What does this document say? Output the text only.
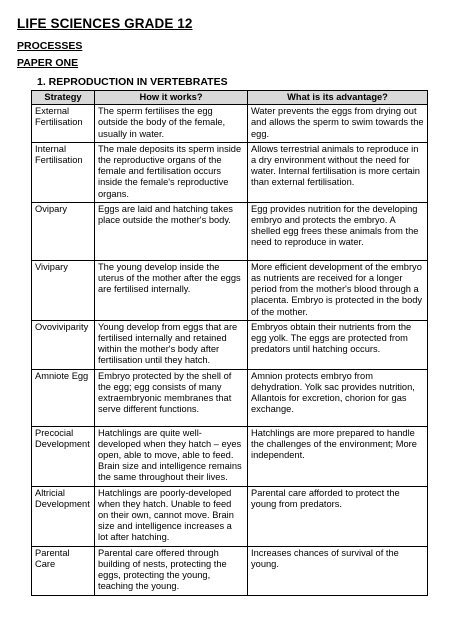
LIFE SCIENCES GRADE 12
PROCESSES
PAPER ONE
1. REPRODUCTION IN VERTEBRATES
Strategy	How it works?	What is its advantage?
External Fertilisation	The sperm fertilises the egg outside the body of the female, usually in water.	Water prevents the eggs from drying out and allows the sperm to swim towards the egg.
Internal Fertilisation	The male deposits its sperm inside the reproductive organs of the female and fertilisation occurs inside the female's reproductive organs.	Allows terrestrial animals to reproduce in a dry environment without the need for water. Internal fertilisation is more certain than external fertilisation.
Ovipary	Eggs are laid and hatching takes place outside the mother's body.	Egg provides nutrition for the developing embryo and protects the embryo. A shelled egg frees these animals from the need to reproduce in water.
Vivipary	The young develop inside the uterus of the mother after the eggs are fertilised internally.	More efficient development of the embryo as nutrients are received for a longer period from the mother's blood through a placenta. Embryo is protected in the body of the mother.
Ovoviviparity	Young develop from eggs that are fertilised internally and retained within the mother's body after fertilisation until they hatch.	Embryos obtain their nutrients from the egg yolk. The eggs are protected from predators until hatching occurs.
Amniote Egg	Embryo protected by the shell of the egg; egg consists of many extraembryonic membranes that serve different functions.	Amnion protects embryo from dehydration. Yolk sac provides nutrition, Allantois for excretion, chorion for gas exchange.
Precocial Development	Hatchlings are quite well-developed when they hatch – eyes open, able to move, able to feed. Brain size and intelligence remains the same throughout their lives.	Hatchlings are more prepared to handle the challenges of the environment; More independent.
Altricial Development	Hatchlings are poorly-developed when they hatch. Unable to feed on their own, cannot move. Brain size and intelligence increases a lot after hatching.	Parental care afforded to protect the young from predators.
Parental Care	Parental care offered through building of nests, protecting the eggs, protecting the young, teaching the young.	Increases chances of survival of the young.
